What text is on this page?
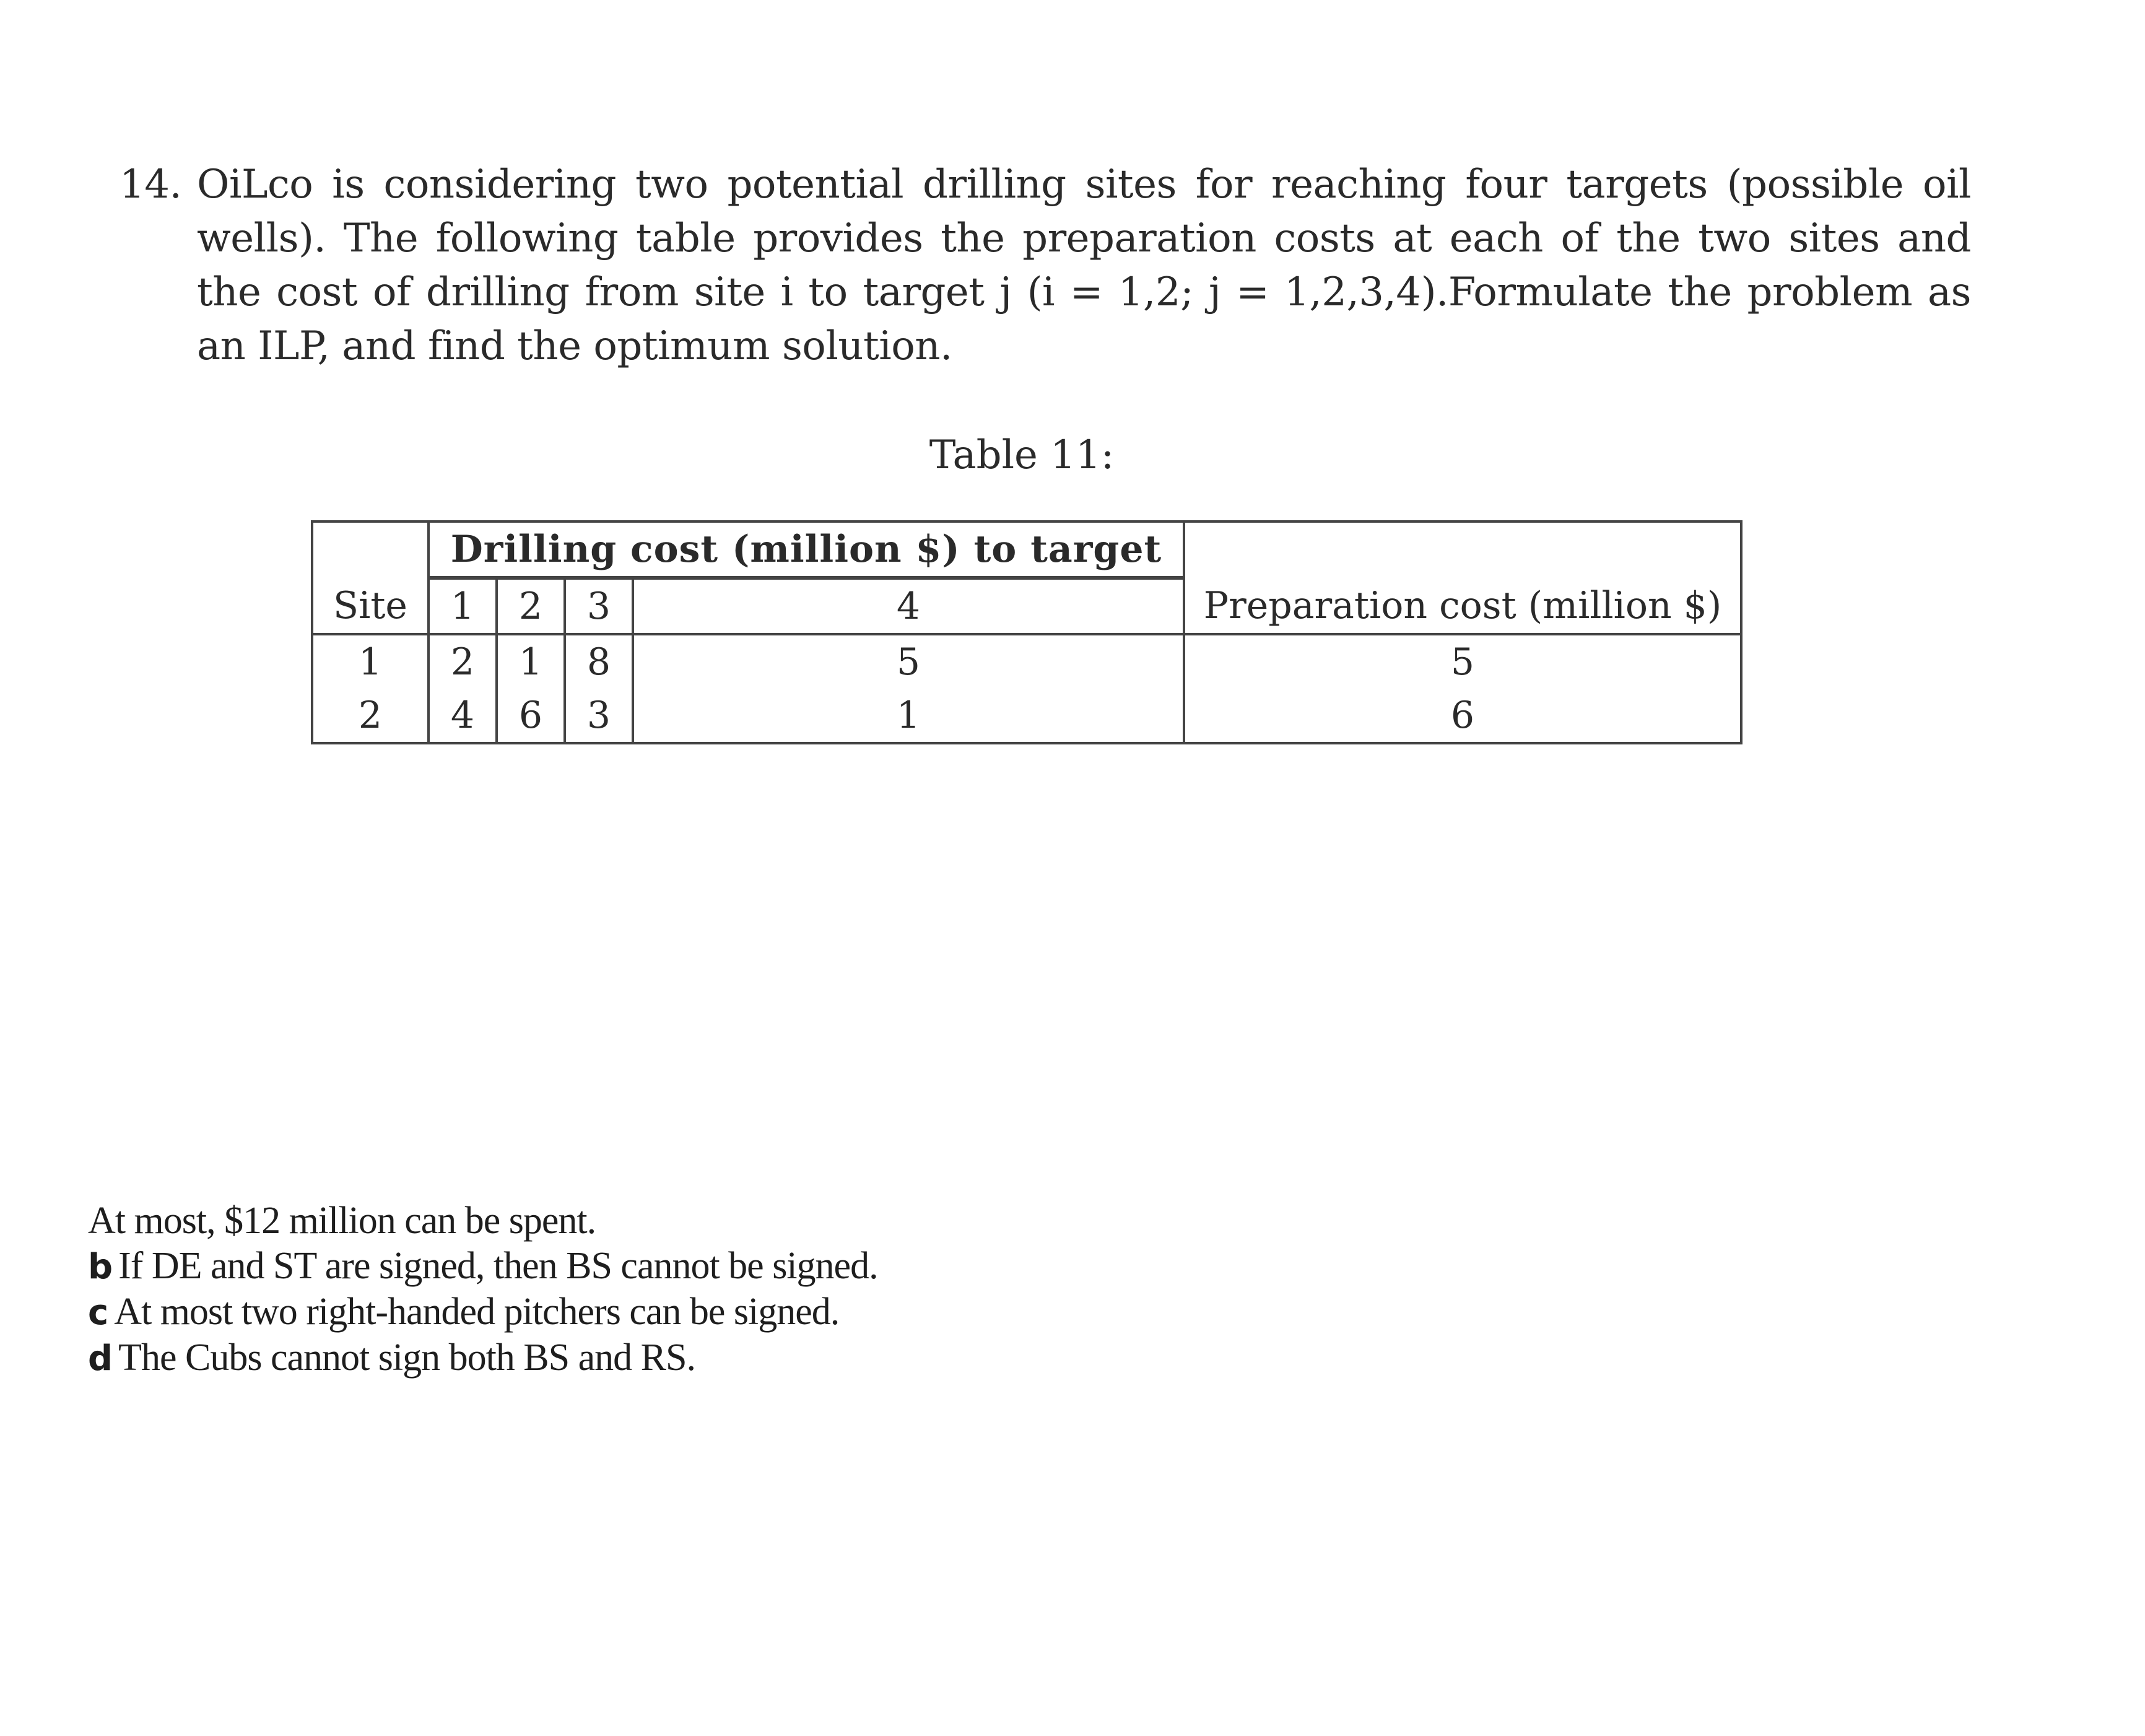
14. OiLco is considering two potential drilling sites for reaching four targets (possible oil wells). The following table provides the preparation costs at each of the two sites and the cost of drilling from site i to target j (i = 1,2; j = 1,2,3,4).Formulate the problem as an ILP, and find the optimum solution.
Table 11:
	Drilling cost (million $) to target				
Site	1	2	3	4	Preparation cost (million $)
1	2	1	8	5	5
2	4	6	3	1	6
At most, $12 million can be spent.
b If DE and ST are signed, then BS cannot be signed.
c At most two right-handed pitchers can be signed.
d The Cubs cannot sign both BS and RS.
